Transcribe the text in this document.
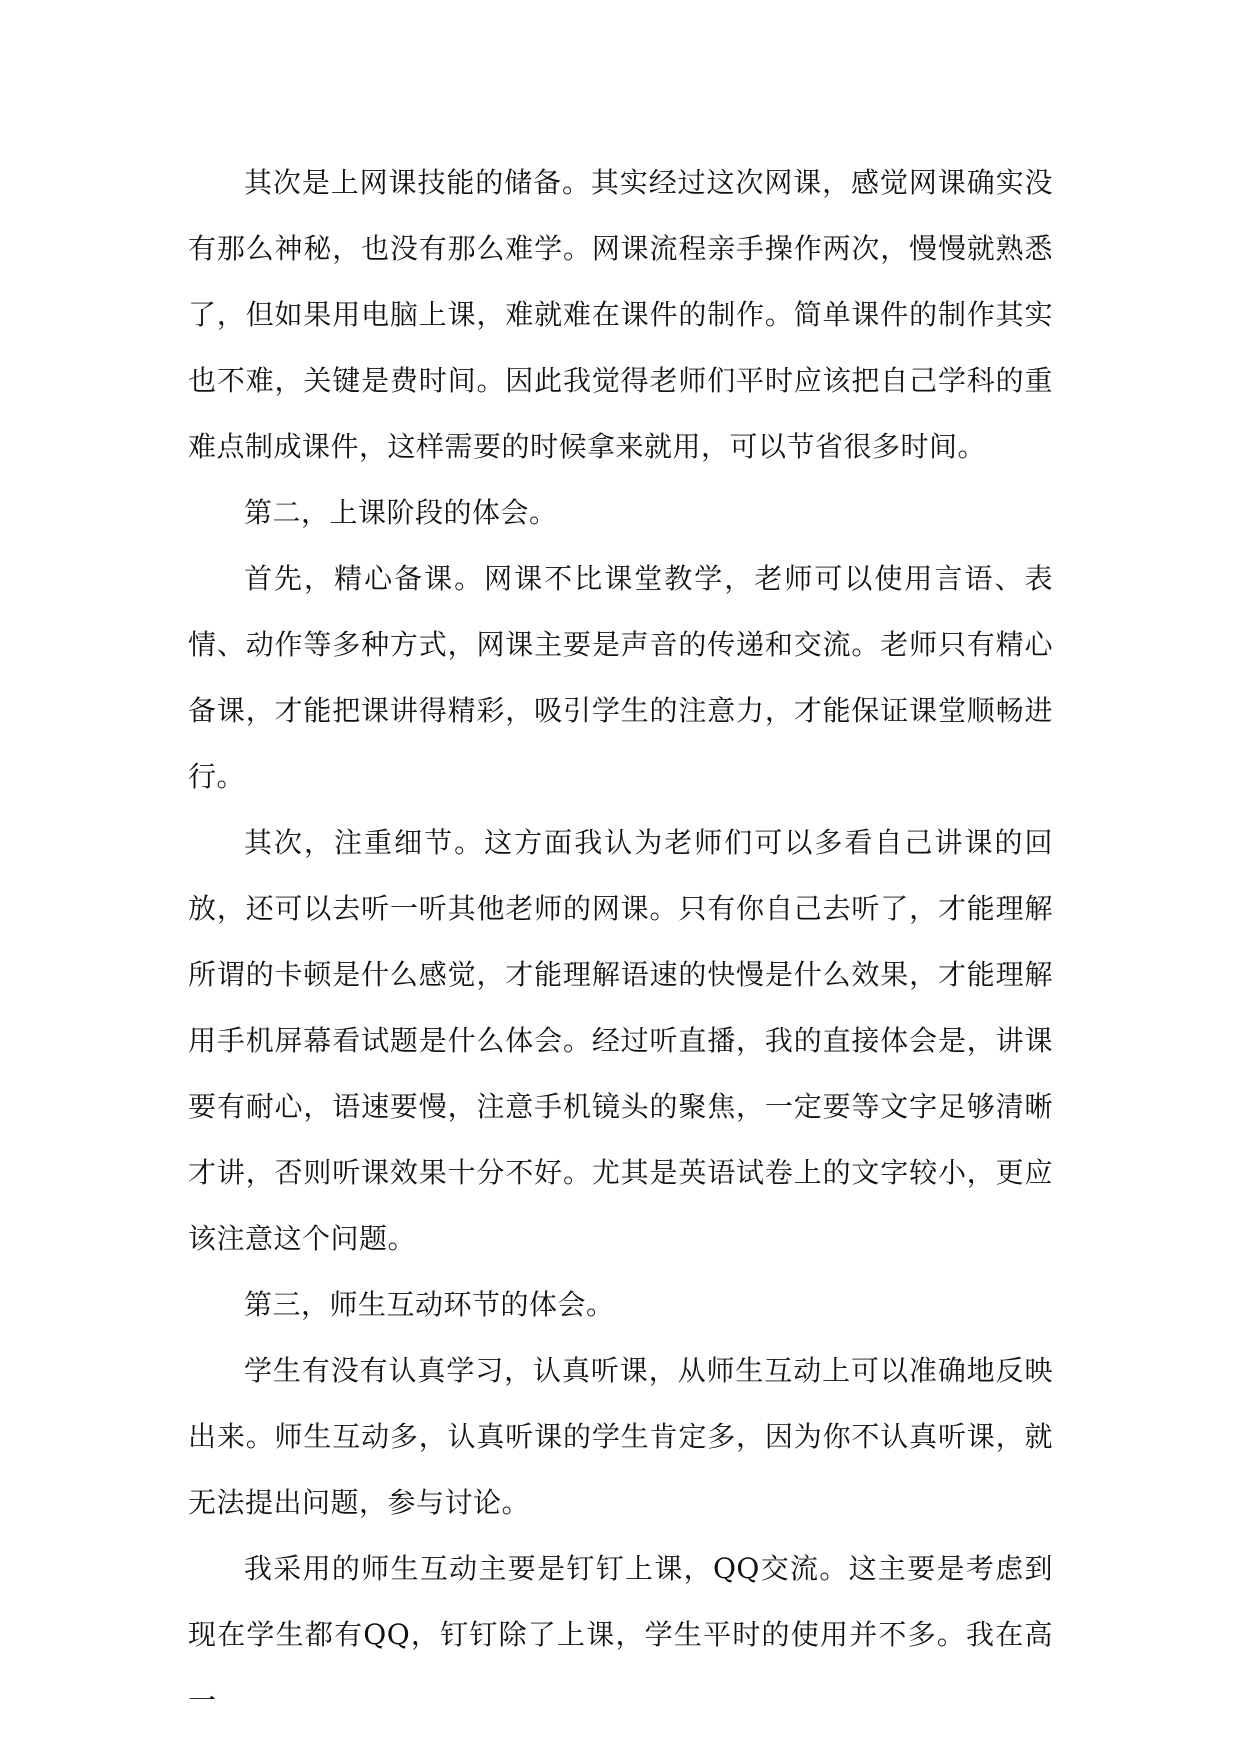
其次是上网课技能的储备。其实经过这次网课，感觉网课确实没有那么神秘，也没有那么难学。网课流程亲手操作两次，慢慢就熟悉了，但如果用电脑上课，难就难在课件的制作。简单课件的制作其实也不难，关键是费时间。因此我觉得老师们平时应该把自己学科的重难点制成课件，这样需要的时候拿来就用，可以节省很多时间。

第二，上课阶段的体会。

首先，精心备课。网课不比课堂教学，老师可以使用言语、表情、动作等多种方式，网课主要是声音的传递和交流。老师只有精心备课，才能把课讲得精彩，吸引学生的注意力，才能保证课堂顺畅进行。

其次，注重细节。这方面我认为老师们可以多看自己讲课的回放，还可以去听一听其他老师的网课。只有你自己去听了，才能理解所谓的卡顿是什么感觉，才能理解语速的快慢是什么效果，才能理解用手机屏幕看试题是什么体会。经过听直播，我的直接体会是，讲课要有耐心，语速要慢，注意手机镜头的聚焦，一定要等文字足够清晰才讲，否则听课效果十分不好。尤其是英语试卷上的文字较小，更应该注意这个问题。

第三，师生互动环节的体会。

学生有没有认真学习，认真听课，从师生互动上可以准确地反映出来。师生互动多，认真听课的学生肯定多，因为你不认真听课，就无法提出问题，参与讨论。

我采用的师生互动主要是钉钉上课，QQ交流。这主要是考虑到现在学生都有QQ，钉钉除了上课，学生平时的使用并不多。我在高一
